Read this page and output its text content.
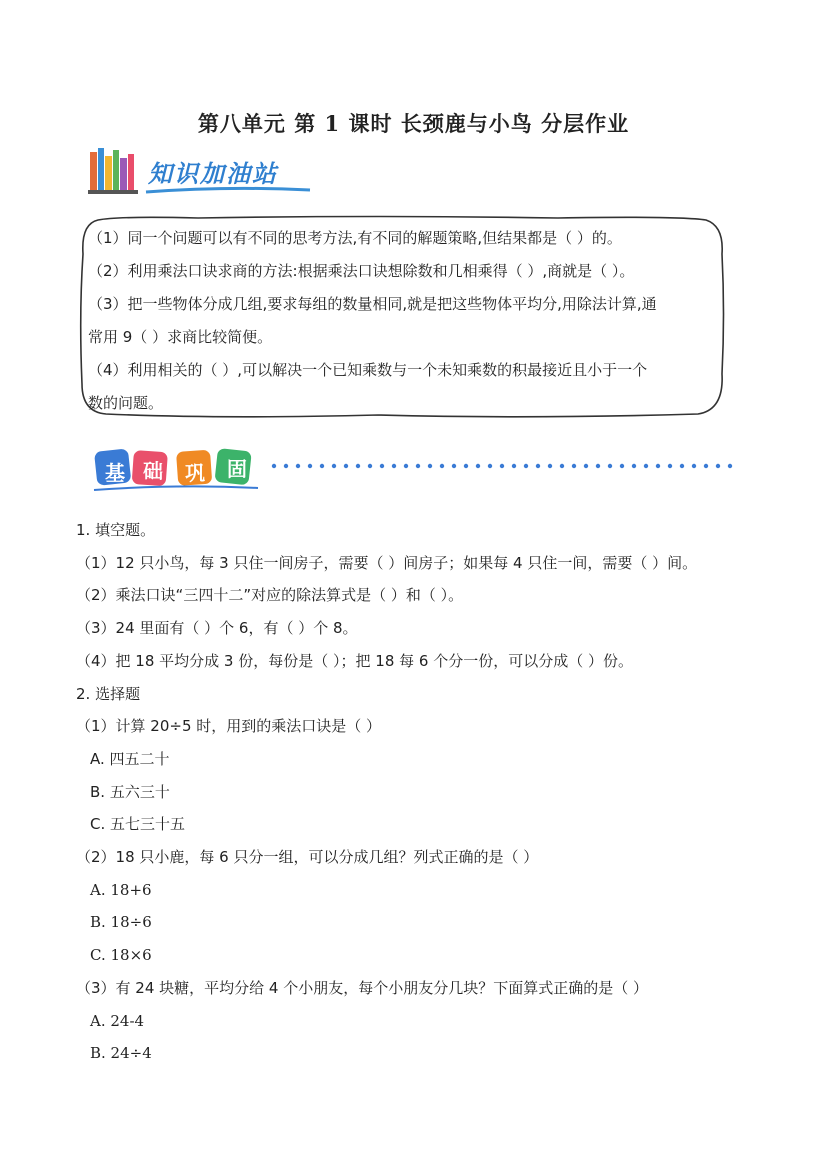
第八单元 第 1 课时 长颈鹿与小鸟 分层作业
知识加油站
（1）同一个问题可以有不同的思考方法,有不同的解题策略,但结果都是（ ）的。
（2）利用乘法口诀求商的方法:根据乘法口诀想除数和几相乘得（ ）,商就是（ ）。
（3）把一些物体分成几组,要求每组的数量相同,就是把这些物体平均分,用除法计算,通
常用 9（ ）求商比较简便。
（4）利用相关的（ ）,可以解决一个已知乘数与一个未知乘数的积最接近且小于一个
数的问题。
基 础 巩 固
1. 填空题。
（1）12 只小鸟，每 3 只住一间房子，需要（ ）间房子；如果每 4 只住一间，需要（ ）间。
（2）乘法口诀“三四十二”对应的除法算式是（ ）和（ ）。
（3）24 里面有（ ）个 6，有（ ）个 8。
（4）把 18 平均分成 3 份，每份是（ ）；把 18 每 6 个分一份，可以分成（ ）份。
2. 选择题
（1）计算 20÷5 时，用到的乘法口诀是（ ）
A. 四五二十
B. 五六三十
C. 五七三十五
（2）18 只小鹿，每 6 只分一组，可以分成几组？列式正确的是（ ）
A. 18+6
B. 18÷6
C. 18×6
（3）有 24 块糖，平均分给 4 个小朋友，每个小朋友分几块？下面算式正确的是（ ）
A. 24-4
B. 24÷4
